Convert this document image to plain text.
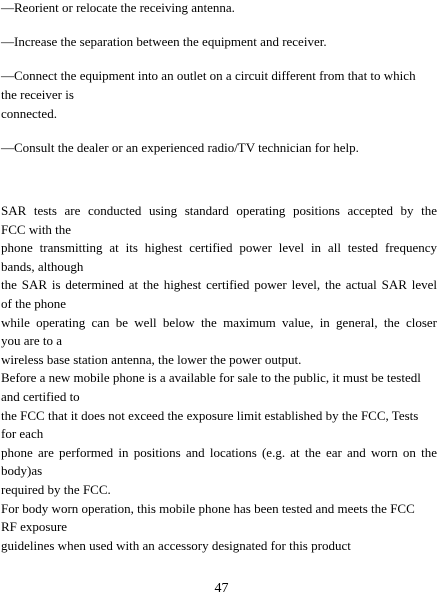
—Reorient or relocate the receiving antenna.
—Increase the separation between the equipment and receiver.
—Connect the equipment into an outlet on a circuit different from that to which
the receiver is
connected.
—Consult the dealer or an experienced radio/TV technician for help.
SAR tests are conducted using standard operating positions accepted by the
FCC with the
phone transmitting at its highest certified power level in all tested frequency
bands, although
the SAR is determined at the highest certified power level, the actual SAR level
of the phone
while operating can be well below the maximum value, in general, the closer
you are to a
wireless base station antenna, the lower the power output.
Before a new mobile phone is a available for sale to the public, it must be testedl
and certified to
the FCC that it does not exceed the exposure limit established by the FCC, Tests
for each
phone are performed in positions and locations (e.g. at the ear and worn on the
body)as
required by the FCC.
For body worn operation, this mobile phone has been tested and meets the FCC
RF exposure
guidelines when used with an accessory designated for this product
47
